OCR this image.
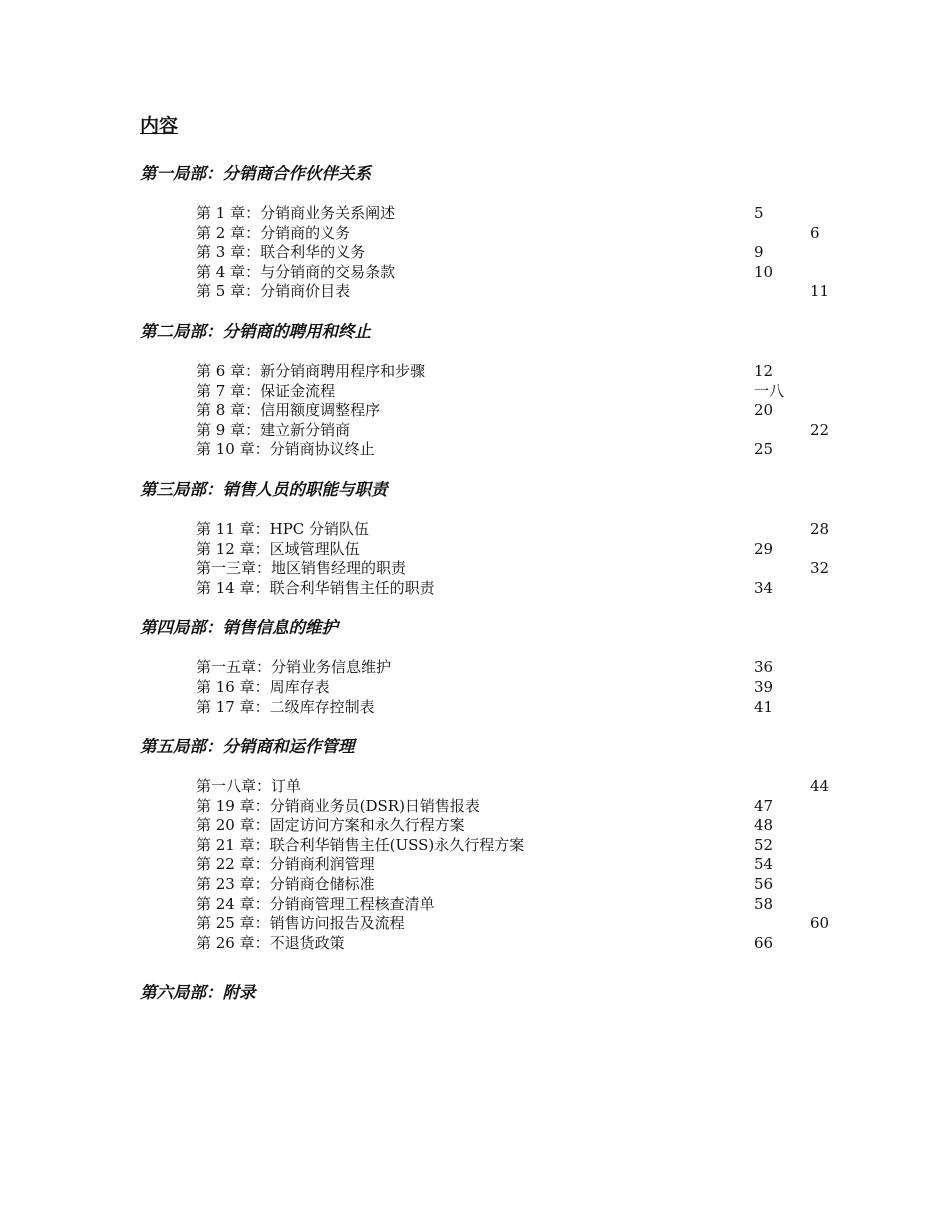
内容
第一局部：分销商合作伙伴关系
第 1 章：分销商业务关系阐述	5
第 2 章：分销商的义务	6
第 3 章：联合利华的义务	9
第 4 章：与分销商的交易条款	10
第 5 章：分销商价目表	11
第二局部：分销商的聘用和终止
第 6 章：新分销商聘用程序和步骤	12
第 7 章：保证金流程	一八
第 8 章：信用额度调整程序	20
第 9 章：建立新分销商	22
第 10 章：分销商协议终止	25
第三局部：销售人员的职能与职责
第 11 章：HPC 分销队伍	28
第 12 章：区域管理队伍	29
第一三章：地区销售经理的职责	32
第 14 章：联合利华销售主任的职责	34
第四局部：销售信息的维护
第一五章：分销业务信息维护	36
第 16 章：周库存表	39
第 17 章：二级库存控制表	41
第五局部：分销商和运作管理
第一八章：订单	44
第 19 章：分销商业务员(DSR)日销售报表	47
第 20 章：固定访问方案和永久行程方案	48
第 21 章：联合利华销售主任(USS)永久行程方案	52
第 22 章：分销商利润管理	54
第 23 章：分销商仓储标准	56
第 24 章：分销商管理工程核查清单	58
第 25 章：销售访问报告及流程	60
第 26 章：不退货政策	66
第六局部：附录
